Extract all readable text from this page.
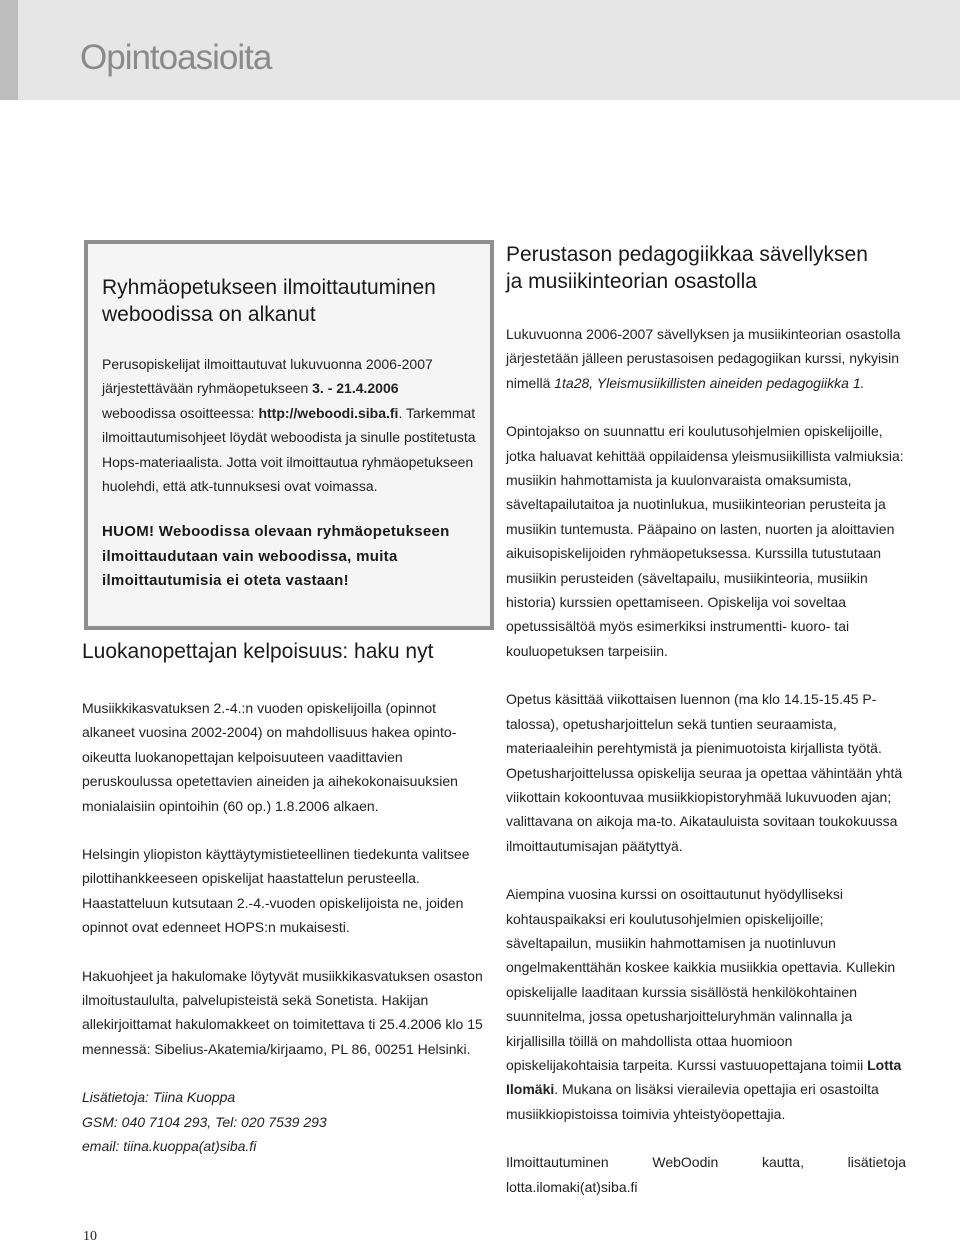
Opintoasioita
Ryhmäopetukseen ilmoittautuminen
weboodissa on alkanut

Perusopiskelijat ilmoittautuvat lukuvuonna 2006-2007 järjestettävään ryhmäopetukseen 3. - 21.4.2006 weboodissa osoitteessa: http://weboodi.siba.fi. Tarkemmat ilmoittautumisohjeet löydät weboodista ja sinulle postitetusta Hops-materiaalista. Jotta voit ilmoittautua ryhmäopetukseen huolehdi, että atk-tunnuksesi ovat voimassa.

HUOM! Weboodissa olevaan ryhmäopetukseen ilmoittaudutaan vain weboodissa, muita ilmoittautumisia ei oteta vastaan!

Luokanopettajan kelpoisuus: haku nyt

Musiikkikasvatuksen 2.-4.:n vuoden opiskelijoilla (opinnot alkaneet vuosina 2002-2004) on mahdollisuus hakea opinto-oikeutta luokanopettajan kelpoisuuteen vaadittavien peruskoulussa opetettavien aineiden ja aihekokonaisuuksien monialaisiin opintoihin (60 op.) 1.8.2006 alkaen.

Helsingin yliopiston käyttäytymistieteellinen tiedekunta valitsee pilottihankkeeseen opiskelijat haastattelun perusteella. Haastatteluun kutsutaan 2.-4.-vuoden opiskelijoista ne, joiden opinnot ovat edenneet HOPS:n mukaisesti.

Hakuohjeet ja hakulomake löytyvät musiikkikasvatuksen osaston ilmoitustaululta, palvelupisteistä sekä Sonetista. Hakijan allekirjoittamat hakulomakkeet on toimitettava ti 25.4.2006 klo 15 mennessä: Sibelius-Akatemia/kirjaamo, PL 86, 00251 Helsinki.

Lisätietoja: Tiina Kuoppa

GSM: 040 7104 293, Tel: 020 7539 293

email: tiina.kuoppa(at)siba.fi

Perustason pedagogiikkaa sävellyksen
ja musiikinteorian osastolla

Lukuvuonna 2006-2007 sävellyksen ja musiikinteorian osastolla järjestetään jälleen perustasoisen pedagogiikan kurssi, nykyisin nimellä 1ta28, Yleismusiikillisten aineiden pedagogiikka 1.

Opintojakso on suunnattu eri koulutusohjelmien opiskelijoille, jotka haluavat kehittää oppilaidensa yleismusiikillista valmiuksia: musiikin hahmottamista ja kuulonvaraista omaksumista, säveltapailutaitoa ja nuotinlukua, musiikinteorian perusteita ja musiikin tuntemusta. Pääpaino on lasten, nuorten ja aloittavien aikuisopiskelijoiden ryhmäopetuksessa. Kurssilla tutustutaan musiikin perusteiden (säveltapailu, musiikinteoria, musiikin historia) kurssien opettamiseen. Opiskelija voi soveltaa opetussisältöä myös esimerkiksi instrumentti- kuoro- tai kouluopetuksen tarpeisiin.

Opetus käsittää viikottaisen luennon (ma klo 14.15-15.45 P-talossa), opetusharjoittelun sekä tuntien seuraamista, materiaaleihin perehtymistä ja pienimuotoista kirjallista työtä. Opetusharjoittelussa opiskelija seuraa ja opettaa vähintään yhtä viikottain kokoontuvaa musiikkiopistoryhmää lukuvuoden ajan; valittavana on aikoja ma-to. Aikatauluista sovitaan toukokuussa ilmoittautumisajan päätyttyä.

Aiempina vuosina kurssi on osoittautunut hyödylliseksi kohtauspaikaksi eri koulutusohjelmien opiskelijoille; säveltapailun, musiikin hahmottamisen ja nuotinluvun ongelmakenttähän koskee kaikkia musiikkia opettavia. Kullekin opiskelijalle laaditaan kurssia sisällöstä henkilökohtainen suunnitelma, jossa opetusharjoitteluryhmän valinnalla ja kirjallisilla töillä on mahdollista ottaa huomioon opiskelijakohtaisia tarpeita. Kurssi vastuuopettajana toimii Lotta Ilomäki. Mukana on lisäksi vierailevia opettajia eri osastoilta musiikkiopistoissa toimivia yhteistyöopettajia.

Ilmoittautuminen WebOodin kautta, lisätietoja lotta.ilomaki(at)siba.fi

10
